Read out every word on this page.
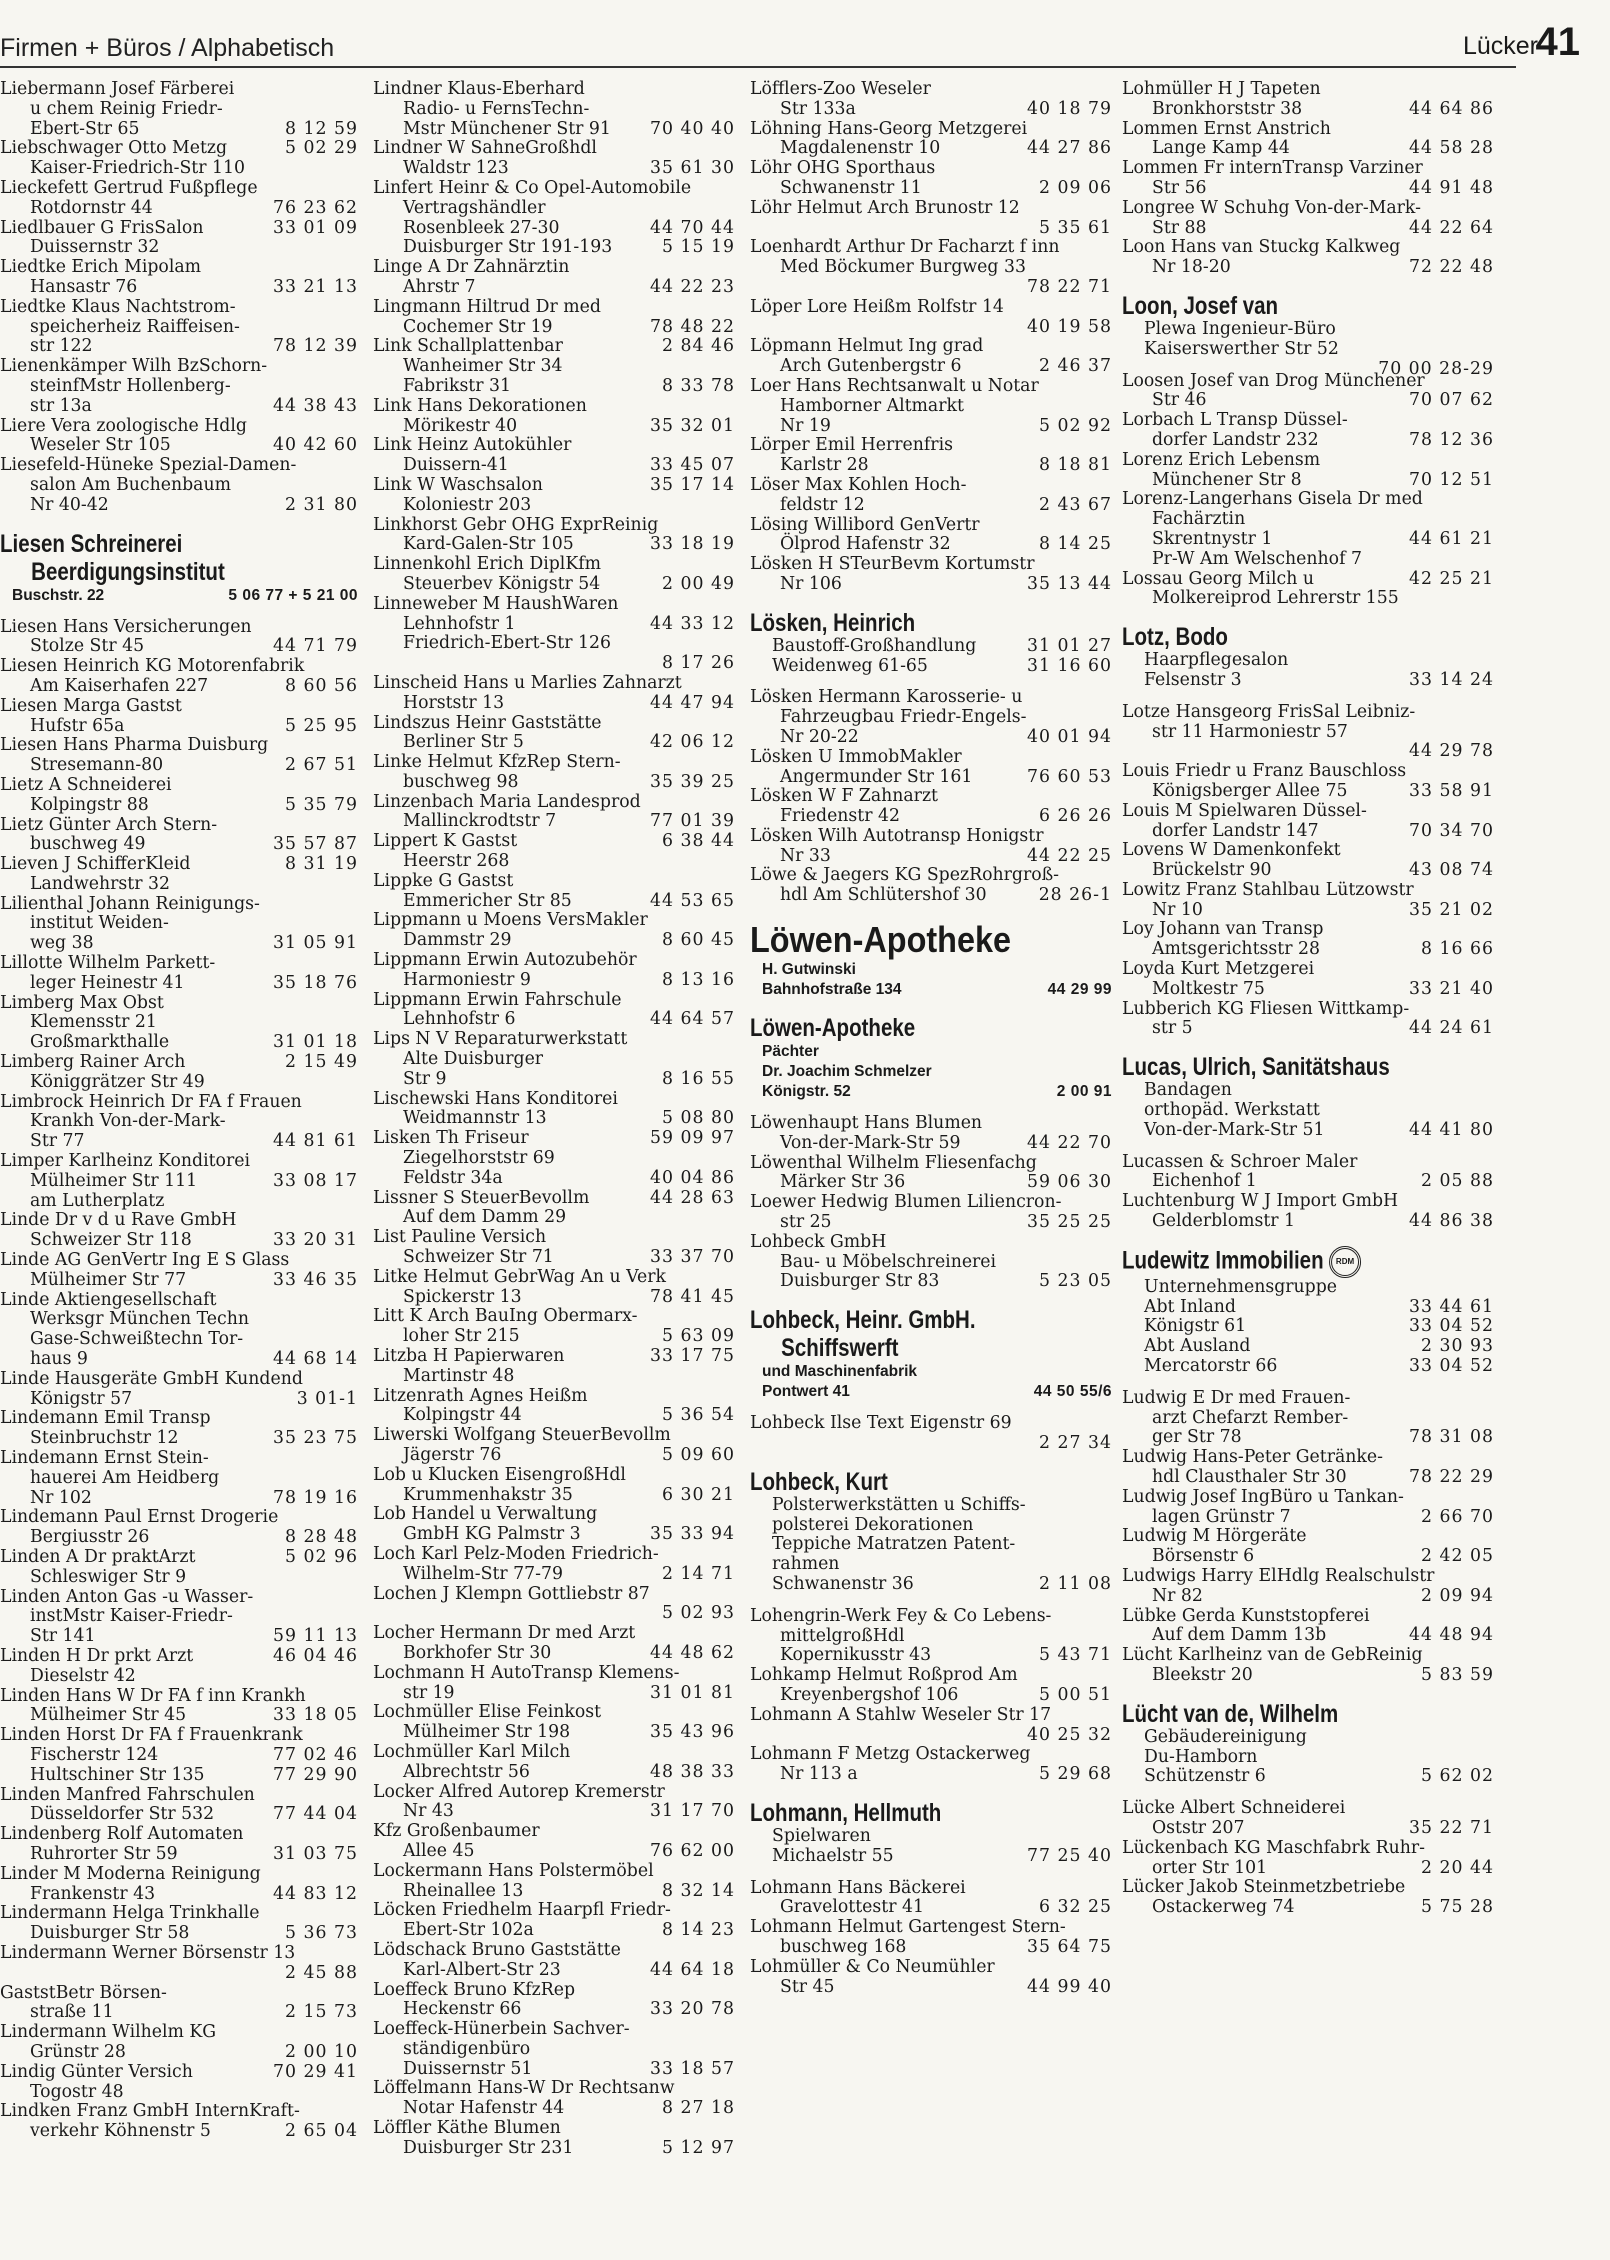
Firmen + Büros / Alphabetisch	Lücker
41
Liebermann Josef Färberei
u chem Reinig Friedr-
Ebert-Str 65	8 12 59
Liebschwager Otto Metzg	5 02 29
Kaiser-Friedrich-Str 110
Lieckefett Gertrud Fußpflege
Rotdornstr 44	76 23 62
Liedlbauer G FrisSalon	33 01 09
Duissernstr 32
Liedtke Erich Mipolam
Hansastr 76	33 21 13
Liedtke Klaus Nachtstrom-
speicherheiz Raiffeisen-
str 122	78 12 39
Lienenkämper Wilh BzSchorn-
steinfMstr Hollenberg-
str 13a	44 38 43
Liere Vera zoologische Hdlg
Weseler Str 105	40 42 60
Liesefeld-Hüneke Spezial-Damen-
salon Am Buchenbaum
Nr 40-42	2 31 80
Liesen Schreinerei
Beerdigungsinstitut
Buschstr. 22	5 06 77 + 5 21 00
Liesen Hans Versicherungen
Stolze Str 45	44 71 79
Liesen Heinrich KG Motorenfabrik
Am Kaiserhafen 227	8 60 56
Liesen Marga Gastst
Hufstr 65a	5 25 95
Liesen Hans Pharma Duisburg
Stresemann-80	2 67 51
Lietz A Schneiderei
Kolpingstr 88	5 35 79
Lietz Günter Arch Stern-
buschweg 49	35 57 87
Lieven J SchifferKleid	8 31 19
Landwehrstr 32
Lilienthal Johann Reinigungs-
institut Weiden-
weg 38	31 05 91
Lillotte Wilhelm Parkett-
leger Heinestr 41	35 18 76
Limberg Max Obst
Klemensstr 21
Großmarkthalle	31 01 18
Limberg Rainer Arch	2 15 49
Königgrätzer Str 49
Limbrock Heinrich Dr FA f Frauen
Krankh Von-der-Mark-
Str 77	44 81 61
Limper Karlheinz Konditorei
Mülheimer Str 111	33 08 17
am Lutherplatz
Linde Dr v d u Rave GmbH
Schweizer Str 118	33 20 31
Linde AG GenVertr Ing E S Glass
Mülheimer Str 77	33 46 35
Linde Aktiengesellschaft
Werksgr München Techn
Gase-Schweißtechn Tor-
haus 9	44 68 14
Linde Hausgeräte GmbH Kundend
Königstr 57	3 01-1
Lindemann Emil Transp
Steinbruchstr 12	35 23 75
Lindemann Ernst Stein-
hauerei Am Heidberg
Nr 102	78 19 16
Lindemann Paul Ernst Drogerie
Bergiusstr 26	8 28 48
Linden A Dr praktArzt	5 02 96
Schleswiger Str 9
Linden Anton Gas -u Wasser-
instMstr Kaiser-Friedr-
Str 141	59 11 13
Linden H Dr prkt Arzt	46 04 46
Dieselstr 42
Linden Hans W Dr FA f inn Krankh
Mülheimer Str 45	33 18 05
Linden Horst Dr FA f Frauenkrank
Fischerstr 124	77 02 46
Hultschiner Str 135	77 29 90
Linden Manfred Fahrschulen
Düsseldorfer Str 532	77 44 04
Lindenberg Rolf Automaten
Ruhrorter Str 59	31 03 75
Linder M Moderna Reinigung
Frankenstr 43	44 83 12
Lindermann Helga Trinkhalle
Duisburger Str 58	5 36 73
Lindermann Werner Börsenstr 13
2 45 88
GaststBetr Börsen-
straße 11	2 15 73
Lindermann Wilhelm KG
Grünstr 28	2 00 10
Lindig Günter Versich	70 29 41
Togostr 48
Lindken Franz GmbH InternKraft-
verkehr Köhnenstr 5	2 65 04
Lindner Klaus-Eberhard
Radio- u FernsTechn-
Mstr Münchener Str 91 70 40 40
Lindner W SahneGroßhdl
Waldstr 123	35 61 30
Linfert Heinr & Co Opel-Automobile
Vertragshändler
Rosenbleek 27-30	44 70 44
Duisburger Str 191-193	5 15 19
Linge A Dr Zahnärztin
Ahrstr 7	44 22 23
Lingmann Hiltrud Dr med
Cochemer Str 19	78 48 22
Link Schallplattenbar	2 84 46
Wanheimer Str 34
Fabrikstr 31	8 33 78
Link Hans Dekorationen
Mörikestr 40	35 32 01
Link Heinz Autokühler
Duissern-41	33 45 07
Link W Waschsalon	35 17 14
Koloniestr 203
Linkhorst Gebr OHG ExprReinig
Kard-Galen-Str 105	33 18 19
Linnenkohl Erich DiplKfm
Steuerbev Königstr 54	2 00 49
Linneweber M HaushWaren
Lehnhofstr 1	44 33 12
Friedrich-Ebert-Str 126
8 17 26
Linscheid Hans u Marlies Zahnarzt
Horststr 13	44 47 94
Lindszus Heinr Gaststätte
Berliner Str 5	42 06 12
Linke Helmut KfzRep Stern-
buschweg 98	35 39 25
Linzenbach Maria Landesprod
Mallinckrodtstr 7	77 01 39
Lippert K Gastst	6 38 44
Heerstr 268
Lippke G Gastst
Emmericher Str 85	44 53 65
Lippmann u Moens VersMakler
Dammstr 29	8 60 45
Lippmann Erwin Autozubehör
Harmoniestr 9	8 13 16
Lippmann Erwin Fahrschule
Lehnhofstr 6	44 64 57
Lips N V Reparaturwerkstatt
Alte Duisburger
Str 9	8 16 55
Lischewski Hans Konditorei
Weidmannstr 13	5 08 80
Lisken Th Friseur	59 09 97
Ziegelhorststr 69
Feldstr 34a	40 04 86
Lissner S SteuerBevollm	44 28 63
Auf dem Damm 29
List Pauline Versich
Schweizer Str 71	33 37 70
Litke Helmut GebrWag An u Verk
Spickerstr 13	78 41 45
Litt K Arch BauIng Obermarx-
loher Str 215	5 63 09
Litzba H Papierwaren	33 17 75
Martinstr 48
Litzenrath Agnes Heißm
Kolpingstr 44	5 36 54
Liwerski Wolfgang SteuerBevollm
Jägerstr 76	5 09 60
Lob u Klucken EisengroßHdl
Krummenhakstr 35	6 30 21
Lob Handel u Verwaltung
GmbH KG Palmstr 3	35 33 94
Loch Karl Pelz-Moden Friedrich-
Wilhelm-Str 77-79	2 14 71
Lochen J Klempn Gottliebstr 87
5 02 93
Locher Hermann Dr med Arzt
Borkhofer Str 30	44 48 62
Lochmann H AutoTransp Klemens-
str 19	31 01 81
Lochmüller Elise Feinkost
Mülheimer Str 198	35 43 96
Lochmüller Karl Milch
Albrechtstr 56	48 38 33
Locker Alfred Autorep Kremerstr
Nr 43	31 17 70
Kfz Großenbaumer
Allee 45	76 62 00
Lockermann Hans Polstermöbel
Rheinallee 13	8 32 14
Löcken Friedhelm Haarpfl Friedr-
Ebert-Str 102a	8 14 23
Lödschack Bruno Gaststätte
Karl-Albert-Str 23	44 64 18
Loeffeck Bruno KfzRep
Heckenstr 66	33 20 78
Loeffeck-Hünerbein Sachver-
ständigenbüro
Duissernstr 51	33 18 57
Löffelmann Hans-W Dr Rechtsanw
Notar Hafenstr 44	8 27 18
Löffler Käthe Blumen
Duisburger Str 231	5 12 97
Löfflers-Zoo Weseler
Str 133a	40 18 79
Löhning Hans-Georg Metzgerei
Magdalenenstr 10	44 27 86
Löhr OHG Sporthaus
Schwanenstr 11	2 09 06
Löhr Helmut Arch Brunostr 12
5 35 61
Loenhardt Arthur Dr Facharzt f inn
Med Böckumer Burgweg 33
78 22 71
Löper Lore Heißm Rolfstr 14
40 19 58
Löpmann Helmut Ing grad
Arch Gutenbergstr 6	2 46 37
Loer Hans Rechtsanwalt u Notar
Hamborner Altmarkt
Nr 19	5 02 92
Lörper Emil Herrenfris
Karlstr 28	8 18 81
Löser Max Kohlen Hoch-
feldstr 12	2 43 67
Lösing Willibord GenVertr
Ölprod Hafenstr 32	8 14 25
Lösken H STeurBevm Kortumstr
Nr 106	35 13 44
Lösken, Heinrich
Baustoff-Großhandlung	31 01 27
Weidenweg 61-65	31 16 60
Lösken Hermann Karosserie- u
Fahrzeugbau Friedr-Engels-
Nr 20-22	40 01 94
Lösken U ImmobMakler
Angermunder Str 161	76 60 53
Lösken W F Zahnarzt
Friedenstr 42	6 26 26
Lösken Wilh Autotransp Honigstr
Nr 33	44 22 25
Löwe & Jaegers KG SpezRohrgroß-
hdl Am Schlütershof 30	28 26-1
Löwen-Apotheke
H. Gutwinski
Bahnhofstraße 134	44 29 99
Löwen-Apotheke
Pächter
Dr. Joachim Schmelzer
Königstr. 52	2 00 91
Löwenhaupt Hans Blumen
Von-der-Mark-Str 59	44 22 70
Löwenthal Wilhelm Fliesenfachg
Märker Str 36	59 06 30
Loewer Hedwig Blumen Liliencron-
str 25	35 25 25
Lohbeck GmbH
Bau- u Möbelschreinerei
Duisburger Str 83	5 23 05
Lohbeck, Heinr. GmbH.
Schiffswerft
und Maschinenfabrik
Pontwert 41	44 50 55/6
Lohbeck Ilse Text Eigenstr 69
2 27 34
Lohbeck, Kurt
Polsterwerkstätten u Schiffs-
polsterei Dekorationen
Teppiche Matratzen Patent-
rahmen
Schwanenstr 36	2 11 08
Lohengrin-Werk Fey & Co Lebens-
mittelgroßHdl
Kopernikusstr 43	5 43 71
Lohkamp Helmut Roßprod Am
Kreyenbergshof 106	5 00 51
Lohmann A Stahlw Weseler Str 17
40 25 32
Lohmann F Metzg Ostackerweg
Nr 113 a	5 29 68
Lohmann, Hellmuth
Spielwaren
Michaelstr 55	77 25 40
Lohmann Hans Bäckerei
Gravelottestr 41	6 32 25
Lohmann Helmut Gartengest Stern-
buschweg 168	35 64 75
Lohmüller & Co Neumühler
Str 45	44 99 40
Lohmüller H J Tapeten
Bronkhorststr 38	44 64 86
Lommen Ernst Anstrich
Lange Kamp 44	44 58 28
Lommen Fr internTransp Varziner
Str 56	44 91 48
Longree W Schuhg Von-der-Mark-
Str 88	44 22 64
Loon Hans van Stuckg Kalkweg
Nr 18-20	72 22 48
Loon, Josef van
Plewa Ingenieur-Büro
Kaiserswerther Str 52
70 00 28-29
Loosen Josef van Drog Münchener
Str 46	70 07 62
Lorbach L Transp Düssel-
dorfer Landstr 232	78 12 36
Lorenz Erich Lebensm
Münchener Str 8	70 12 51
Lorenz-Langerhans Gisela Dr med
Fachärztin
Skrentnystr 1	44 61 21
Pr-W Am Welschenhof 7
Lossau Georg Milch u	42 25 21
Molkereiprod Lehrerstr 155
Lotz, Bodo
Haarpflegesalon
Felsenstr 3	33 14 24
Lotze Hansgeorg FrisSal Leibniz-
str 11 Harmoniestr 57
44 29 78
Louis Friedr u Franz Bauschloss
Königsberger Allee 75	33 58 91
Louis M Spielwaren Düssel-
dorfer Landstr 147	70 34 70
Lovens W Damenkonfekt
Brückelstr 90	43 08 74
Lowitz Franz Stahlbau Lützowstr
Nr 10	35 21 02
Loy Johann van Transp
Amtsgerichtsstr 28	8 16 66
Loyda Kurt Metzgerei
Moltkestr 75	33 21 40
Lubberich KG Fliesen Wittkamp-
str 5	44 24 61
Lucas, Ulrich, Sanitätshaus
Bandagen
orthopäd. Werkstatt
Von-der-Mark-Str 51	44 41 80
Lucassen & Schroer Maler
Eichenhof 1	2 05 88
Luchtenburg W J Import GmbH
Gelderblomstr 1	44 86 38
Ludewitz Immobilien RDM
Unternehmensgruppe
Abt Inland	33 44 61
Königstr 61	33 04 52
Abt Ausland	2 30 93
Mercatorstr 66	33 04 52
Ludwig E Dr med Frauen-
arzt Chefarzt Rember-
ger Str 78	78 31 08
Ludwig Hans-Peter Getränke-
hdl Clausthaler Str 30	78 22 29
Ludwig Josef IngBüro u Tankan-
lagen Grünstr 7	2 66 70
Ludwig M Hörgeräte
Börsenstr 6	2 42 05
Ludwigs Harry ElHdlg Realschulstr
Nr 82	2 09 94
Lübke Gerda Kunststopferei
Auf dem Damm 13b	44 48 94
Lücht Karlheinz van de GebReinig
Bleekstr 20	5 83 59
Lücht van de, Wilhelm
Gebäudereinigung
Du-Hamborn
Schützenstr 6	5 62 02
Lücke Albert Schneiderei
Oststr 207	35 22 71
Lückenbach KG Maschfabrk Ruhr-
orter Str 101	2 20 44
Lücker Jakob Steinmetzbetriebe
Ostackerweg 74	5 75 28
